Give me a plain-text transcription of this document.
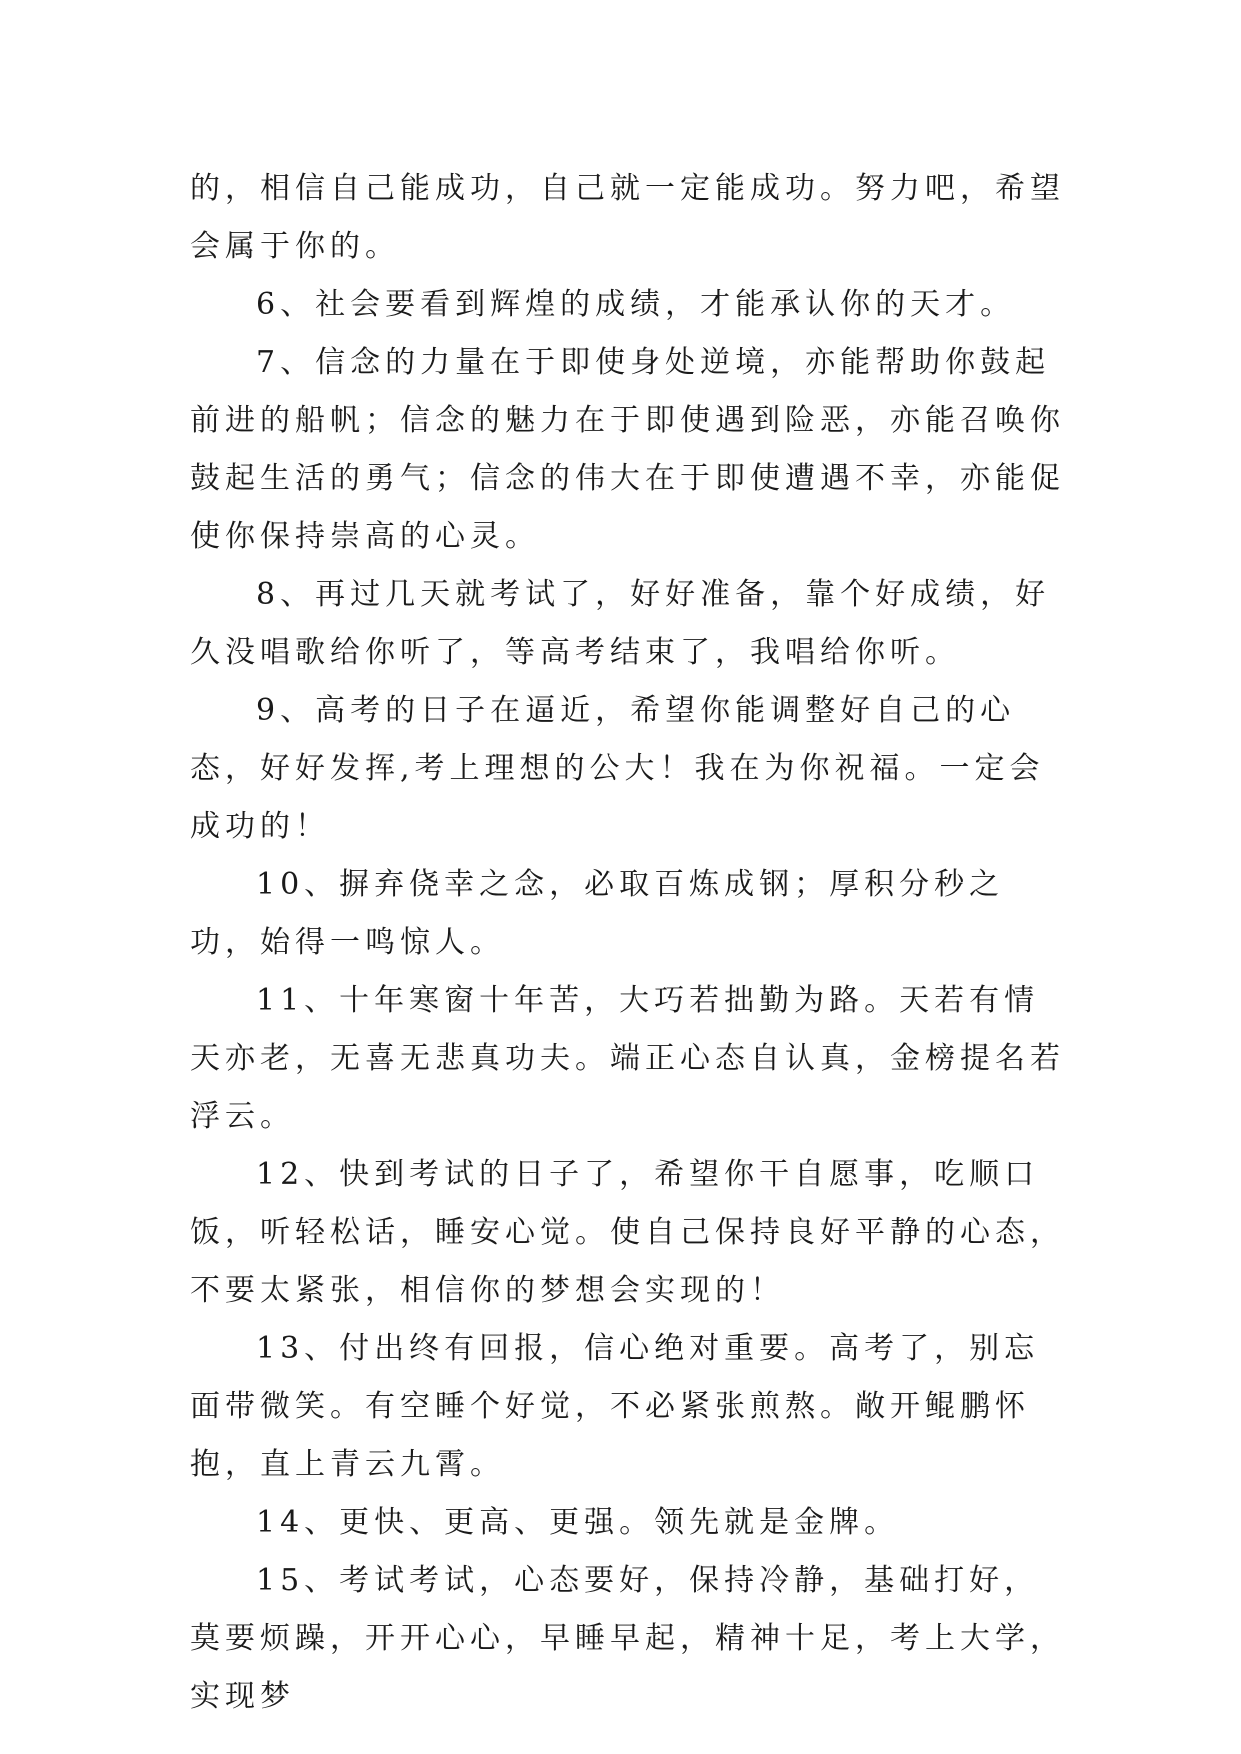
的，相信自己能成功，自己就一定能成功。努力吧，希望会属于你的。

6、社会要看到辉煌的成绩，才能承认你的天才。

7、信念的力量在于即使身处逆境，亦能帮助你鼓起前进的船帆；信念的魅力在于即使遇到险恶，亦能召唤你鼓起生活的勇气；信念的伟大在于即使遭遇不幸，亦能促使你保持崇高的心灵。

8、再过几天就考试了，好好准备，靠个好成绩，好久没唱歌给你听了，等高考结束了，我唱给你听。

9、高考的日子在逼近，希望你能调整好自己的心态，好好发挥,考上理想的公大！我在为你祝福。一定会成功的！

10、摒弃侥幸之念，必取百炼成钢；厚积分秒之功，始得一鸣惊人。

11、十年寒窗十年苦，大巧若拙勤为路。天若有情天亦老，无喜无悲真功夫。端正心态自认真，金榜提名若浮云。

12、快到考试的日子了，希望你干自愿事，吃顺口饭，听轻松话，睡安心觉。使自己保持良好平静的心态，不要太紧张，相信你的梦想会实现的！

13、付出终有回报，信心绝对重要。高考了，别忘面带微笑。有空睡个好觉，不必紧张煎熬。敞开鲲鹏怀抱，直上青云九霄。

14、更快、更高、更强。领先就是金牌。

15、考试考试，心态要好，保持冷静，基础打好，莫要烦躁，开开心心，早睡早起，精神十足，考上大学，实现梦
